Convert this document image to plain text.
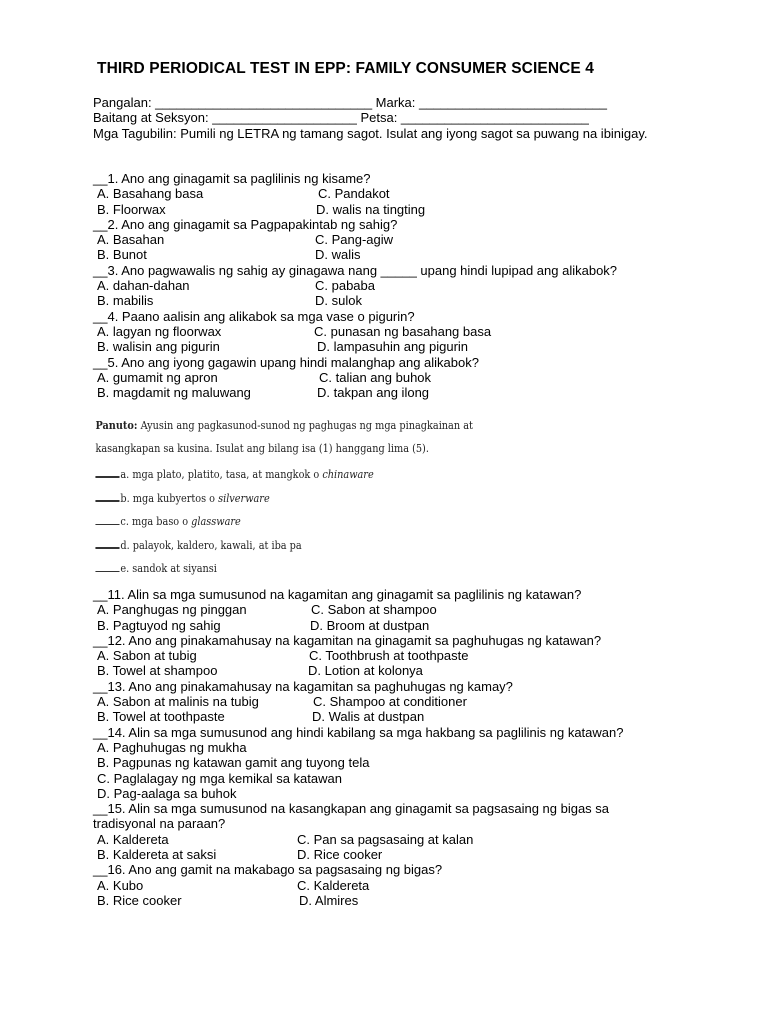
THIRD PERIODICAL TEST IN EPP: FAMILY CONSUMER SCIENCE 4
Pangalan: ______________________________ Marka: __________________________
Baitang at Seksyon: ____________________ Petsa: __________________________
Mga Tagubilin: Pumili ng LETRA ng tamang sagot. Isulat ang iyong sagot sa puwang na ibinigay.
__1. Ano ang ginagamit sa paglilinis ng kisame?
A. Basahang basa	C. Pandakot
B. Floorwax	D. walis na tingting
__2. Ano ang ginagamit sa Pagpapakintab ng sahig?
A. Basahan	C. Pang-agiw
B. Bunot	D. walis
__3. Ano pagwawalis ng sahig ay ginagawa nang _____ upang hindi lupipad ang alikabok?
A. dahan-dahan	C. pababa
B. mabilis	D. sulok
__4. Paano aalisin ang alikabok sa mga vase o pigurin?
A. lagyan ng floorwax	C. punasan ng basahang basa
B. walisin ang pigurin	D. lampasuhin ang pigurin
__5. Ano ang iyong gagawin upang hindi malanghap ang alikabok?
A. gumamit ng apron	C. talian ang buhok
B. magdamit ng maluwang	D. takpan ang ilong
Panuto: Ayusin ang pagkasunod-sunod ng paghugas ng mga pinagkainan at
kasangkapan sa kusina. Isulat ang bilang isa (1) hanggang lima (5).
a. mga plato, platito, tasa, at mangkok o chinaware
b. mga kubyertos o silverware
c. mga baso o glassware
d. palayok, kaldero, kawali, at iba pa
e. sandok at siyansi
__11. Alin sa mga sumusunod na kagamitan ang ginagamit sa paglilinis ng katawan?
A. Panghugas ng pinggan	C. Sabon at shampoo
B. Pagtuyod ng sahig	D. Broom at dustpan
__12. Ano ang pinakamahusay na kagamitan na ginagamit sa paghuhugas ng katawan?
A. Sabon at tubig	C. Toothbrush at toothpaste
B. Towel at shampoo	D. Lotion at kolonya
__13. Ano ang pinakamahusay na kagamitan sa paghuhugas ng kamay?
A. Sabon at malinis na tubig	C. Shampoo at conditioner
B. Towel at toothpaste	D. Walis at dustpan
__14. Alin sa mga sumusunod ang hindi kabilang sa mga hakbang sa paglilinis ng katawan?
A. Paghuhugas ng mukha
B. Pagpunas ng katawan gamit ang tuyong tela
C. Paglalagay ng mga kemikal sa katawan
D. Pag-aalaga sa buhok
__15. Alin sa mga sumusunod na kasangkapan ang ginagamit sa pagsasaing ng bigas sa tradisyonal na paraan?
A. Kaldereta	C. Pan sa pagsasaing at kalan
B. Kaldereta at saksi	D. Rice cooker
__16. Ano ang gamit na makabago sa pagsasaing ng bigas?
A. Kubo	C. Kaldereta
B. Rice cooker	D. Almires
